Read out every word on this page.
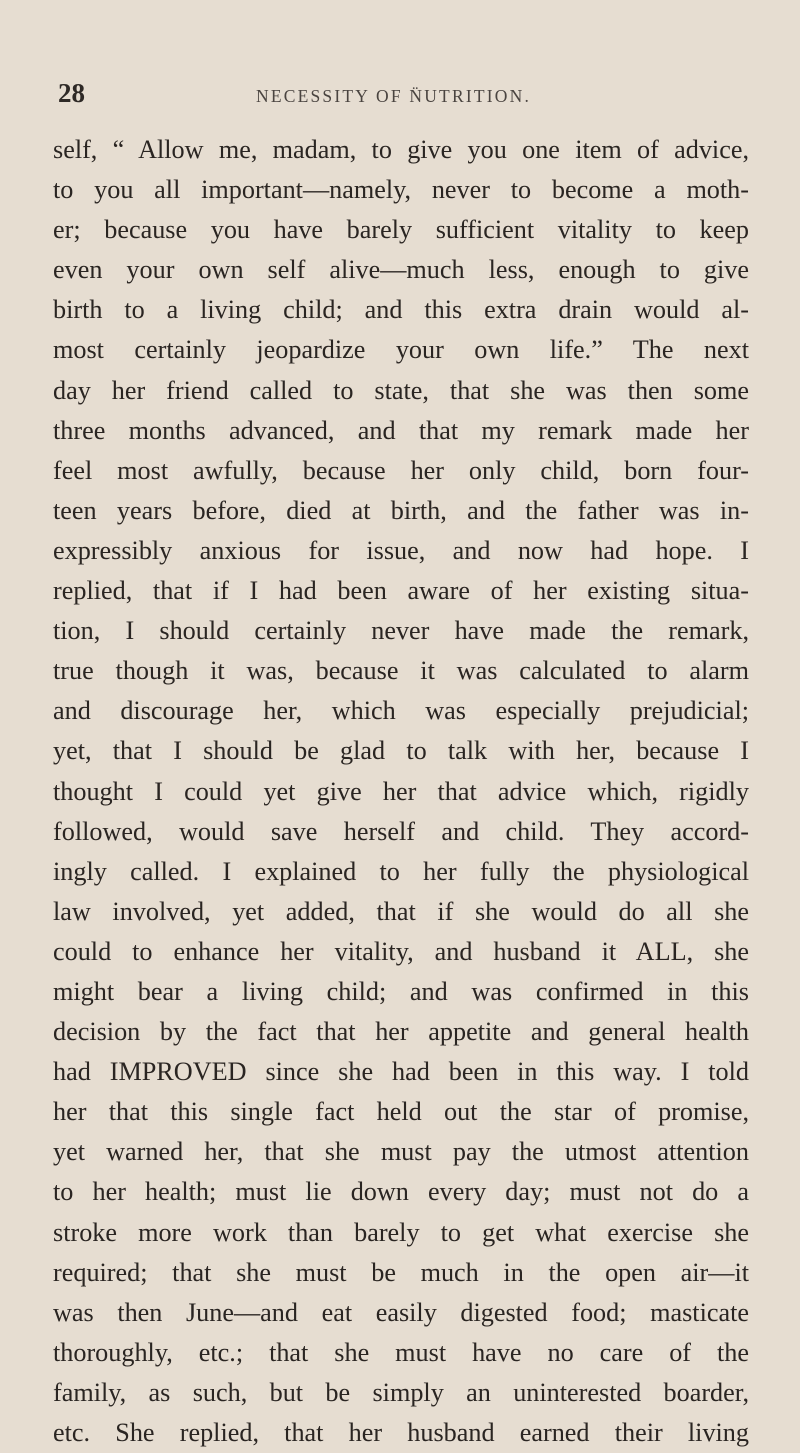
28	NECESSITY OF N̈UTRITION.
self, “ Allow me, madam, to give you one item of advice,
to you all important—namely, never to become a moth-
er; because you have barely sufficient vitality to keep
even your own self alive—much less, enough to give
birth to a living child; and this extra drain would al-
most certainly jeopardize your own life.” The next
day her friend called to state, that she was then some
three months advanced, and that my remark made her
feel most awfully, because her only child, born four-
teen years before, died at birth, and the father was in-
expressibly anxious for issue, and now had hope. I
replied, that if I had been aware of her existing situa-
tion, I should certainly never have made the remark,
true though it was, because it was calculated to alarm
and discourage her, which was especially prejudicial;
yet, that I should be glad to talk with her, because I
thought I could yet give her that advice which, rigidly
followed, would save herself and child. They accord-
ingly called. I explained to her fully the physiological
law involved, yet added, that if she would do all she
could to enhance her vitality, and husband it ALL, she
might bear a living child; and was confirmed in this
decision by the fact that her appetite and general health
had IMPROVED since she had been in this way. I told
her that this single fact held out the star of promise,
yet warned her, that she must pay the utmost attention
to her health; must lie down every day; must not do a
stroke more work than barely to get what exercise she
required; that she must be much in the open air—it
was then June—and eat easily digested food; masticate
thoroughly, etc.; that she must have no care of the
family, as such, but be simply an uninterested boarder,
etc. She replied, that her husband earned their living
